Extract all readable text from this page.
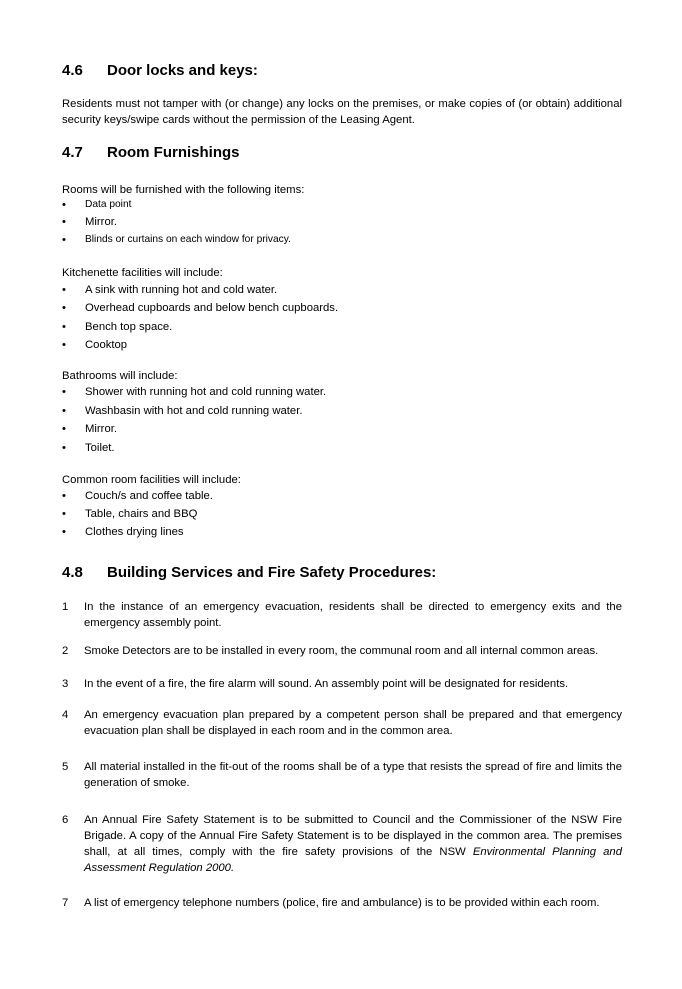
4.6 Door locks and keys:

Residents must not tamper with (or change) any locks on the premises, or make copies of (or obtain) additional security keys/swipe cards without the permission of the Leasing Agent.

4.7 Room Furnishings
Rooms will be furnished with the following items:
• Data point
• Mirror.
• Blinds or curtains on each window for privacy.
Kitchenette facilities will include:
• A sink with running hot and cold water.
• Overhead cupboards and below bench cupboards.
• Bench top space.
• Cooktop
Bathrooms will include:
• Shower with running hot and cold running water.
• Washbasin with hot and cold running water.
• Mirror.
• Toilet.
Common room facilities will include:
• Couch/s and coffee table.
• Table, chairs and BBQ
• Clothes drying lines
4.8 Building Services and Fire Safety Procedures:
1 In the instance of an emergency evacuation, residents shall be directed to emergency exits and the emergency assembly point.
2 Smoke Detectors are to be installed in every room, the communal room and all internal common areas.
3 In the event of a fire, the fire alarm will sound. An assembly point will be designated for residents.
4 An emergency evacuation plan prepared by a competent person shall be prepared and that emergency evacuation plan shall be displayed in each room and in the common area.
5 All material installed in the fit-out of the rooms shall be of a type that resists the spread of fire and limits the generation of smoke.
6 An Annual Fire Safety Statement is to be submitted to Council and the Commissioner of the NSW Fire Brigade. A copy of the Annual Fire Safety Statement is to be displayed in the common area. The premises shall, at all times, comply with the fire safety provisions of the NSW Environmental Planning and Assessment Regulation 2000.
7 A list of emergency telephone numbers (police, fire and ambulance) is to be provided within each room.
